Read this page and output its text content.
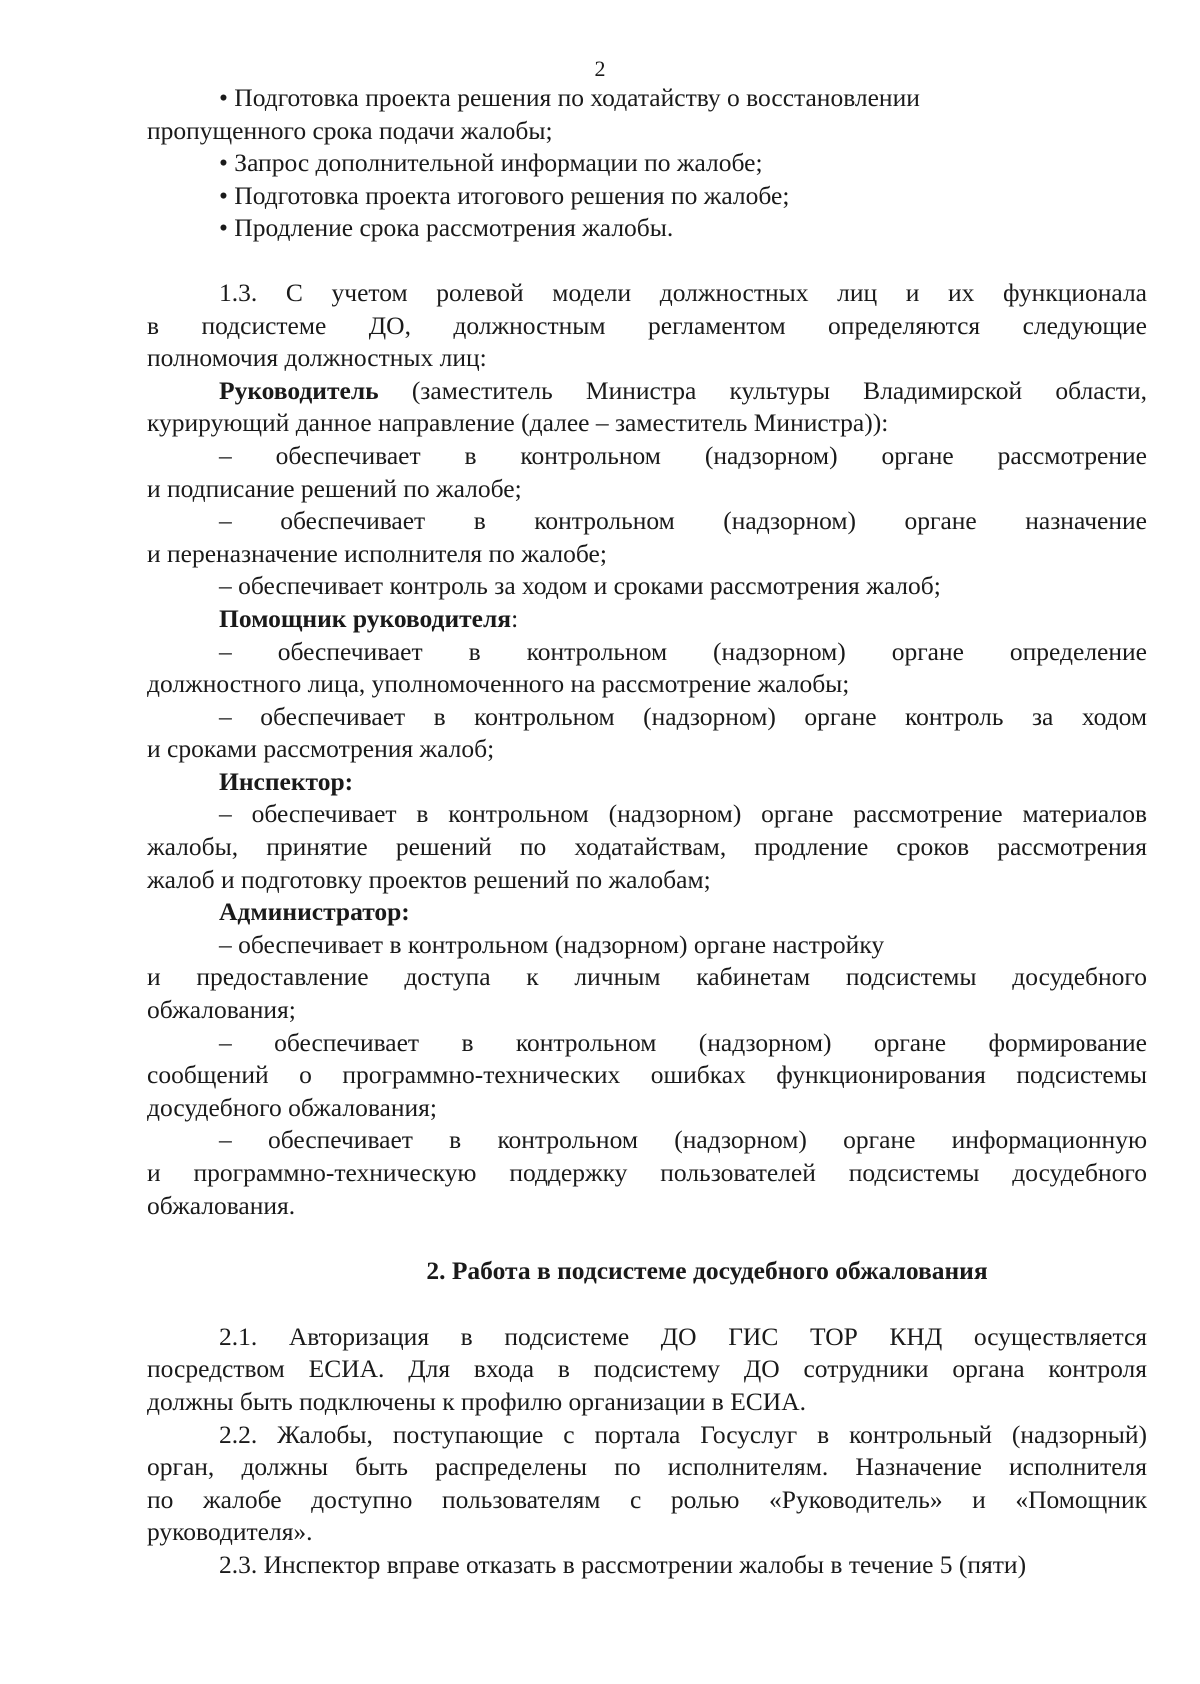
2

• Подготовка проекта решения по ходатайству о восстановлении

пропущенного срока подачи жалобы;

• Запрос дополнительной информации по жалобе;

• Подготовка проекта итогового решения по жалобе;

• Продление срока рассмотрения жалобы.

1.3. С учетом ролевой модели должностных лиц и их функционала

в подсистеме ДО, должностным регламентом определяются следующие

полномочия должностных лиц:

Руководитель (заместитель Министра культуры Владимирской области,

курирующий данное направление (далее – заместитель Министра)):

– обеспечивает в контрольном (надзорном) органе рассмотрение

и подписание решений по жалобе;

– обеспечивает в контрольном (надзорном) органе назначение

и переназначение исполнителя по жалобе;

– обеспечивает контроль за ходом и сроками рассмотрения жалоб;

Помощник руководителя:

– обеспечивает в контрольном (надзорном) органе определение

должностного лица, уполномоченного на рассмотрение жалобы;

– обеспечивает в контрольном (надзорном) органе контроль за ходом

и сроками рассмотрения жалоб;

Инспектор:

– обеспечивает в контрольном (надзорном) органе рассмотрение материалов

жалобы, принятие решений по ходатайствам, продление сроков рассмотрения

жалоб и подготовку проектов решений по жалобам;

Администратор:

– обеспечивает в контрольном (надзорном) органе настройку

и предоставление доступа к личным кабинетам подсистемы досудебного

обжалования;

– обеспечивает в контрольном (надзорном) органе формирование

сообщений о программно-технических ошибках функционирования подсистемы

досудебного обжалования;

– обеспечивает в контрольном (надзорном) органе информационную

и программно-техническую поддержку пользователей подсистемы досудебного

обжалования.

2. Работа в подсистеме досудебного обжалования

2.1. Авторизация в подсистеме ДО ГИС ТОР КНД осуществляется

посредством ЕСИА. Для входа в подсистему ДО сотрудники органа контроля

должны быть подключены к профилю организации в ЕСИА.

2.2. Жалобы, поступающие с портала Госуслуг в контрольный (надзорный)

орган, должны быть распределены по исполнителям. Назначение исполнителя

по жалобе доступно пользователям с ролью «Руководитель» и «Помощник

руководителя».

2.3. Инспектор вправе отказать в рассмотрении жалобы в течение 5 (пяти)
